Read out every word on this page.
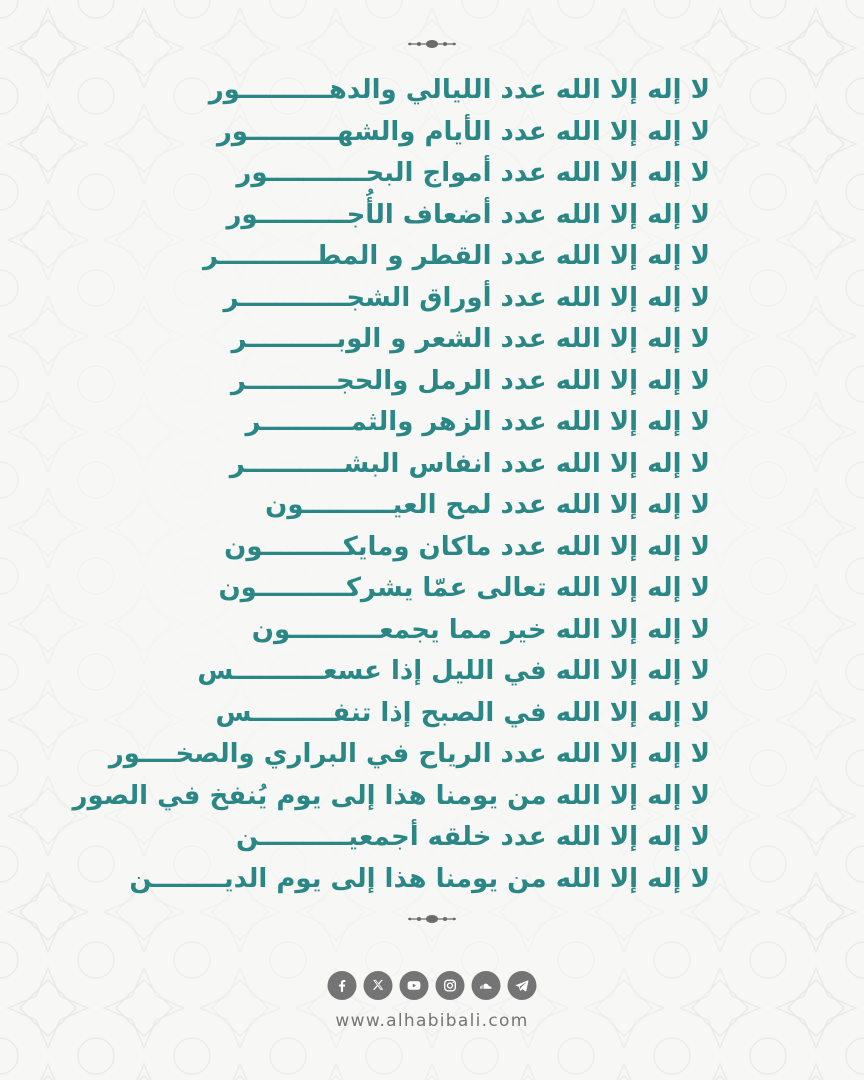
لا إله إلا الله عدد الليالي والدهــــــــــور
لا إله إلا الله عدد الأيام والشهــــــــــور
لا إله إلا الله عدد أمواج البحـــــــــــور
لا إله إلا الله عدد أضعاف الأُجــــــــــور
لا إله إلا الله عدد القطر و المطـــــــــــر
لا إله إلا الله عدد أوراق الشجــــــــــــر
لا إله إلا الله عدد الشعر و الوبــــــــــر
لا إله إلا الله عدد الرمل والحجــــــــــر
لا إله إلا الله عدد الزهر والثمــــــــــر
لا إله إلا الله عدد انفاس البشـــــــــــر
لا إله إلا الله عدد لمح العيــــــــــون
لا إله إلا الله عدد ماكان ومايكـــــــــون
لا إله إلا الله تعالى عمّا يشركــــــــــون
لا إله إلا الله خير مما يجمعــــــــــون
لا إله إلا الله في الليل إذا عسعــــــــــس
لا إله إلا الله في الصبح إذا تنفـــــــــس
لا إله إلا الله عدد الرياح في البراري والصخــــور
لا إله إلا الله من يومنا هذا إلى يوم يُنفخ في الصور
لا إله إلا الله عدد خلقه أجمعيــــــــــن
لا إله إلا الله من يومنا هذا إلى يوم الديــــــــن
www.alhabibali.com
